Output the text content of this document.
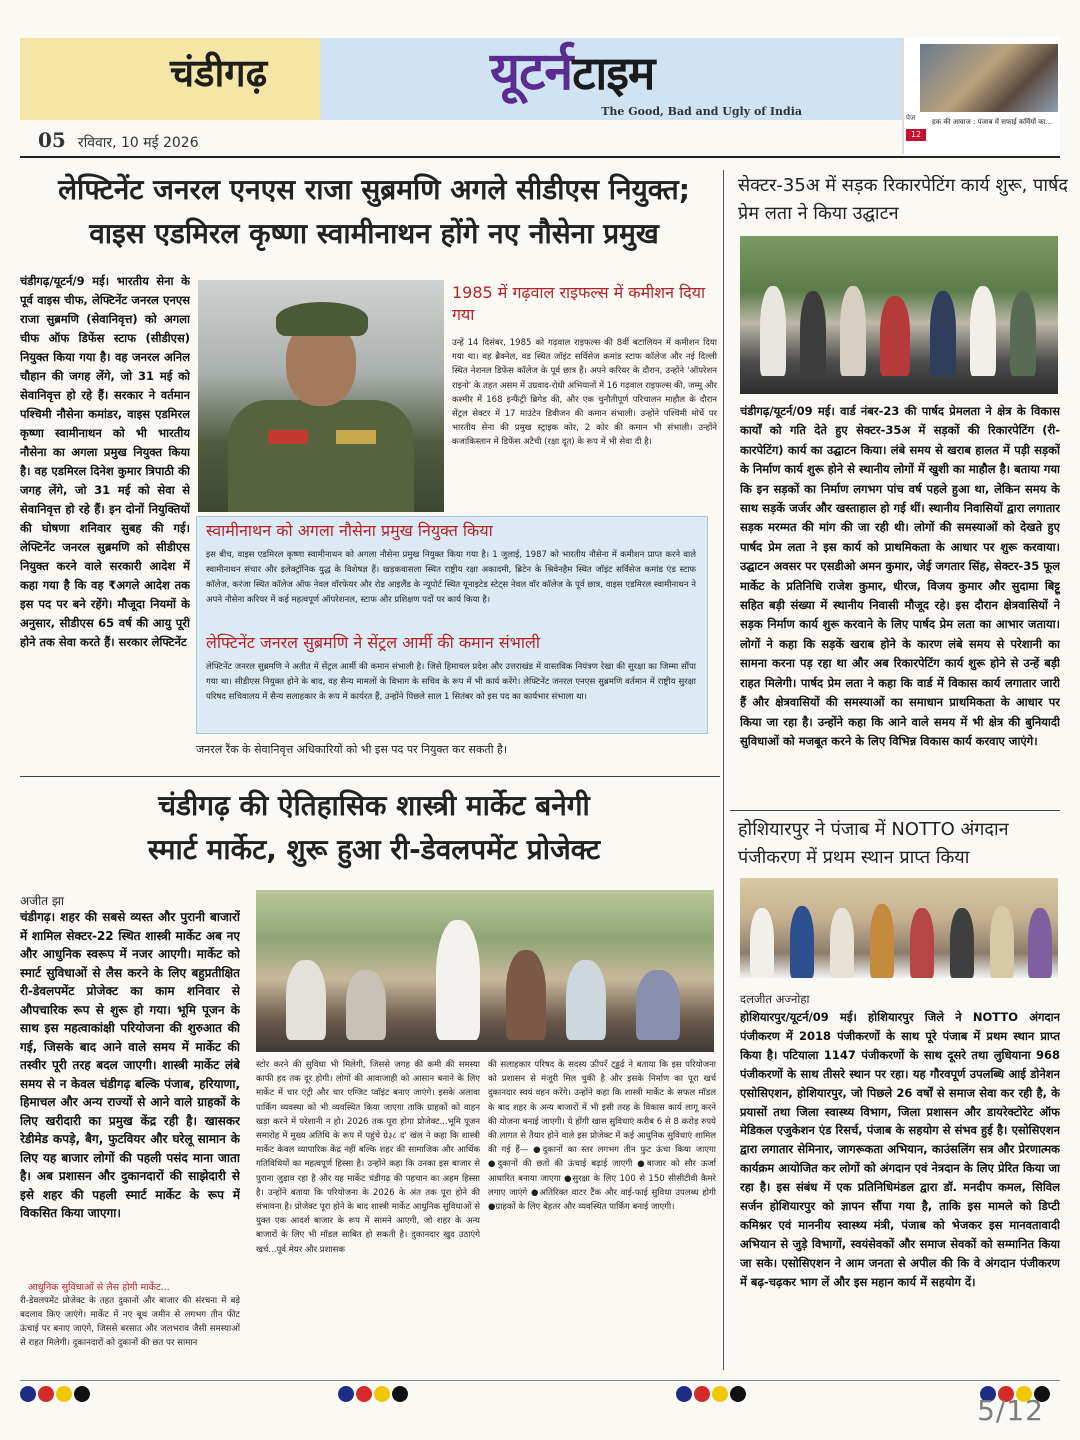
चंडीगढ़	यूटर्नटाइम
The Good, Bad and Ugly of India	पेज
12
हक की आवाज : पंजाब में सफाई कर्मियों का...
05 रविवार, 10 मई 2026
लेफ्टिनेंट जनरल एनएस राजा सुब्रमणि अगले सीडीएस नियुक्त;
वाइस एडमिरल कृष्णा स्वामीनाथन होंगे नए नौसेना प्रमुख
चंडीगढ़/यूटर्न/9 मई। भारतीय सेना के पूर्व वाइस चीफ, लेफ्टिनेंट जनरल एनएस राजा सुब्रमणि (सेवानिवृत्त) को अगला चीफ ऑफ डिफेंस स्टाफ (सीडीएस) नियुक्त किया गया है। वह जनरल अनिल चौहान की जगह लेंगे, जो 31 मई को सेवानिवृत्त हो रहे हैं। सरकार ने वर्तमान पश्चिमी नौसेना कमांडर, वाइस एडमिरल कृष्णा स्वामीनाथन को भी भारतीय नौसेना का अगला प्रमुख नियुक्त किया है। वह एडमिरल दिनेश कुमार त्रिपाठी की जगह लेंगे, जो 31 मई को सेवा से सेवानिवृत्त हो रहे हैं। इन दोनों नियुक्तियों की घोषणा शनिवार सुबह की गई। लेफ्टिनेंट जनरल सुब्रमणि को सीडीएस नियुक्त करने वाले सरकारी आदेश में कहा गया है कि वह ₹अगले आदेश तक इस पद पर बने रहेंगे। मौजूदा नियमों के अनुसार, सीडीएस 65 वर्ष की आयु पूरी होने तक सेवा करते हैं। सरकार लेफ्टिनेंट
1985 में गढ़वाल राइफल्स में कमीशन दिया गया
उन्हें 14 दिसंबर, 1985 को गढ़वाल राइफल्स की 8वीं बटालियन में कमीशन दिया गया था। वह ब्रैक्नेल, वड स्थित जॉइंट सर्विसेज कमांड स्टाफ कॉलेज और नई दिल्ली स्थित नेशनल डिफेंस कॉलेज के पूर्व छात्र हैं। अपने करियर के दौरान, उन्होंने 'ऑपरेशन राइनो' के तहत असम में उग्रवाद-रोधी अभियानों में 16 गढ़वाल राइफल्स की, जम्मू और कश्मीर में 168 इन्फैंट्री ब्रिगेड की, और एक चुनौतीपूर्ण परिचालन माहौल के दौरान सेंट्रल सेक्टर में 17 माउंटेन डिवीजन की कमान संभाली। उन्होंने पश्चिमी मोर्चे पर भारतीय सेना की प्रमुख स्ट्राइक कोर, 2 कोर की कमान भी संभाली। उन्होंने कजाकिस्तान में डिफेंस अटैची (रक्षा दूत) के रूप में भी सेवा दी है।
स्वामीनाथन को अगला नौसेना प्रमुख नियुक्त किया
इस बीच, वाइस एडमिरल कृष्णा स्वामीनाथन को अगला नौसेना प्रमुख नियुक्त किया गया है। 1 जुलाई, 1987 को भारतीय नौसेना में कमीशन प्राप्त करने वाले स्वामीनाथन संचार और इलेक्ट्रॉनिक युद्ध के विशेषज्ञ हैं। खड़कवासला स्थित राष्ट्रीय रक्षा अकादमी, ब्रिटेन के श्रिवेनहैम स्थित जॉइंट सर्विसेज कमांड एंड स्टाफ कॉलेज, करंजा स्थित कॉलेज ऑफ नेवल वॉरफेयर और रोड आइलैंड के न्यूपोर्ट स्थित यूनाइटेड स्टेट्स नेवल वॉर कॉलेज के पूर्व छात्र, वाइस एडमिरल स्वामीनाथन ने अपने नौसेना करियर में कई महत्वपूर्ण ऑपरेशनल, स्टाफ और प्रशिक्षण पदों पर कार्य किया है।
लेफ्टिनेंट जनरल सुब्रमणि ने सेंट्रल आर्मी की कमान संभाली
लेफ्टिनेंट जनरल सुब्रमणि ने अतीत में सेंट्रल आर्मी की कमान संभाली है। जिसे हिमाचल प्रदेश और उत्तराखंड में वास्तविक नियंत्रण रेखा की सुरक्षा का जिम्मा सौंपा गया था। सीडीएस नियुक्त होने के बाद, वह सैन्य मामलों के विभाग के सचिव के रूप में भी कार्य करेंगे। लेफ्टिनेंट जनरल एनएस सुब्रमणि वर्तमान में राष्ट्रीय सुरक्षा परिषद सचिवालय में सैन्य सलाहकार के रूप में कार्यरत हैं, उन्होंने पिछले साल 1 सितंबर को इस पद का कार्यभार संभाला था।
जनरल रैंक के सेवानिवृत्त अधिकारियों को भी इस पद पर नियुक्त कर सकती है।
चंडीगढ़ की ऐतिहासिक शास्त्री मार्केट बनेगी
स्मार्ट मार्केट, शुरू हुआ री-डेवलपमेंट प्रोजेक्ट
अजीत झा
चंडीगढ़। शहर की सबसे व्यस्त और पुरानी बाजारों में शामिल सेक्टर-22 स्थित शास्त्री मार्केट अब नए और आधुनिक स्वरूप में नजर आएगी। मार्केट को स्मार्ट सुविधाओं से लैस करने के लिए बहुप्रतीक्षित री-डेवलपमेंट प्रोजेक्ट का काम शनिवार से औपचारिक रूप से शुरू हो गया। भूमि पूजन के साथ इस महत्वाकांक्षी परियोजना की शुरुआत की गई, जिसके बाद आने वाले समय में मार्केट की तस्वीर पूरी तरह बदल जाएगी। शास्त्री मार्केट लंबे समय से न केवल चंडीगढ़ बल्कि पंजाब, हरियाणा, हिमाचल और अन्य राज्यों से आने वाले ग्राहकों के लिए खरीदारी का प्रमुख केंद्र रही है। खासकर रेडीमेड कपड़े, बैग, फुटवियर और घरेलू सामान के लिए यह बाजार लोगों की पहली पसंद माना जाता है। अब प्रशासन और दुकानदारों की साझेदारी से इसे शहर की पहली स्मार्ट मार्केट के रूप में विकसित किया जाएगा।
आधुनिक सुविधाओं से लैस होगी मार्केट...
री-डेवलपमेंट प्रोजेक्ट के तहत दुकानों और बाजार की संरचना में बड़े बदलाव किए जाएंगे। मार्केट में नए बूथ जमीन से लगभग तीन फीट ऊंचाई पर बनाए जाएंगे, जिससे बरसात और जलभराव जैसी समस्याओं से राहत मिलेगी। दुकानदारों को दुकानों की छत पर सामान
स्टोर करने की सुविधा भी मिलेगी, जिससे जगह की कमी की समस्या काफी हद तक दूर होगी। लोगों की आवाजाही को आसान बनाने के लिए मार्केट में चार एंट्री और चार एग्जिट प्वॉइंट बनाए जाएंगे। इसके अलावा पार्किंग व्यवस्था को भी व्यवस्थित किया जाएगा ताकि ग्राहकों को वाहन खड़ा करने में परेशानी न हो। 2026 तक पूरा होगा प्रोजेक्ट...भूमि पूजन समारोह में मुख्य अतिथि के रूप में पहुंचे ग्रे३८ द' खंल ने कहा कि शास्त्री मार्केट केवल व्यापारिक केंद्र नहीं बल्कि शहर की सामाजिक और आर्थिक गतिविधियों का महत्वपूर्ण हिस्सा है। उन्होंने कहा कि उनका इस बाजार से पुराना जुड़ाव रहा है और यह मार्केट चंडीगढ़ की पहचान का अहम हिस्सा है। उन्होंने बताया कि परियोजना के 2026 के अंत तक पूरा होने की संभावना है। प्रोजेक्ट पूरा होने के बाद शास्त्री मार्केट आधुनिक सुविधाओं से युक्त एक आदर्श बाजार के रूप में सामने आएगी, जो शहर के अन्य बाजारों के लिए भी मॉडल साबित हो सकती है। दुकानदार खुद उठाएंगे खर्च...पूर्व मेयर और प्रशासक
की सलाहकार परिषद के सदस्य ऊीपरँ ट्ड्ढर्ढ ने बताया कि इस परियोजना को प्रशासन से मंजूरी मिल चुकी है और इसके निर्माण का पूरा खर्च दुकानदार स्वयं वहन करेंगे। उन्होंने कहा कि शास्त्री मार्केट के सफल मॉडल के बाद शहर के अन्य बाजारों में भी इसी तरह के विकास कार्य लागू करने की योजना बनाई जाएगी। ये होंगी खास सुविधाएं करीब 6 से 8 करोड़ रुपये की लागत से तैयार होने वाले इस प्रोजेक्ट में कई आधुनिक सुविधाएं शामिल की गई हैं— ●दुकानों का स्तर लगभग तीन फुट ऊंचा किया जाएगा ●दुकानों की छतों की ऊंचाई बढ़ाई जाएगी ●बाजार को सौर ऊर्जा आधारित बनाया जाएगा ●सुरक्षा के लिए 100 से 150 सीसीटीवी कैमरे लगाए जाएंगे ●अतिरिक्त वाटर टैंक और वाई-फाई सुविधा उपलब्ध होगी ●ग्राहकों के लिए बेहतर और व्यवस्थित पार्किंग बनाई जाएगी।
सेक्टर-35अ में सड़क रिकारपेटिंग कार्य शुरू, पार्षद प्रेम लता ने किया उद्घाटन
चंडीगढ़/यूटर्न/09 मई। वार्ड नंबर-23 की पार्षद प्रेमलता ने क्षेत्र के विकास कार्यों को गति देते हुए सेक्टर-35अ में सड़कों की रिकारपेटिंग (री-कारपेटिंग) कार्य का उद्घाटन किया। लंबे समय से खराब हालत में पड़ी सड़कों के निर्माण कार्य शुरू होने से स्थानीय लोगों में खुशी का माहौल है। बताया गया कि इन सड़कों का निर्माण लगभग पांच वर्ष पहले हुआ था, लेकिन समय के साथ सड़कें जर्जर और खस्ताहाल हो गई थीं। स्थानीय निवासियों द्वारा लगातार सड़क मरम्मत की मांग की जा रही थी। लोगों की समस्याओं को देखते हुए पार्षद प्रेम लता ने इस कार्य को प्राथमिकता के आधार पर शुरू करवाया। उद्घाटन अवसर पर एसडीओ अमन कुमार, जेई जगतार सिंह, सेक्टर-35 फूल मार्केट के प्रतिनिधि राजेश कुमार, धीरज, विजय कुमार और सुदामा बिट्टू सहित बड़ी संख्या में स्थानीय निवासी मौजूद रहे। इस दौरान क्षेत्रवासियों ने सड़क निर्माण कार्य शुरू करवाने के लिए पार्षद प्रेम लता का आभार जताया। लोगों ने कहा कि सड़कें खराब होने के कारण लंबे समय से परेशानी का सामना करना पड़ रहा था और अब रिकारपेटिंग कार्य शुरू होने से उन्हें बड़ी राहत मिलेगी। पार्षद प्रेम लता ने कहा कि वार्ड में विकास कार्य लगातार जारी हैं और क्षेत्रवासियों की समस्याओं का समाधान प्राथमिकता के आधार पर किया जा रहा है। उन्होंने कहा कि आने वाले समय में भी क्षेत्र की बुनियादी सुविधाओं को मजबूत करने के लिए विभिन्न विकास कार्य करवाए जाएंगे।
होशियारपुर ने पंजाब में NOTTO अंगदान पंजीकरण में प्रथम स्थान प्राप्त किया
दलजीत अज्नोहा
होशियारपुर/यूटर्न/09 मई। होशियारपुर जिले ने NOTTO अंगदान पंजीकरण में 2018 पंजीकरणों के साथ पूरे पंजाब में प्रथम स्थान प्राप्त किया है। पटियाला 1147 पंजीकरणों के साथ दूसरे तथा लुधियाना 968 पंजीकरणों के साथ तीसरे स्थान पर रहा। यह गौरवपूर्ण उपलब्धि आई डोनेशन एसोसिएशन, होशियारपुर, जो पिछले 26 वर्षों से समाज सेवा कर रही है, के प्रयासों तथा जिला स्वास्थ्य विभाग, जिला प्रशासन और डायरेक्टोरेट ऑफ मेडिकल एजुकेशन एंड रिसर्च, पंजाब के सहयोग से संभव हुई है। एसोसिएशन द्वारा लगातार सेमिनार, जागरूकता अभियान, काउंसलिंग सत्र और प्रेरणात्मक कार्यक्रम आयोजित कर लोगों को अंगदान एवं नेत्रदान के लिए प्रेरित किया जा रहा है। इस संबंध में एक प्रतिनिधिमंडल द्वारा डॉ. मनदीप कमल, सिविल सर्जन होशियारपुर को ज्ञापन सौंपा गया है, ताकि इस मामले को डिप्टी कमिश्नर एवं माननीय स्वास्थ्य मंत्री, पंजाब को भेजकर इस मानवतावादी अभियान से जुड़े विभागों, स्वयंसेवकों और समाज सेवकों को सम्मानित किया जा सके। एसोसिएशन ने आम जनता से अपील की कि वे अंगदान पंजीकरण में बढ़-चढ़कर भाग लें और इस महान कार्य में सहयोग दें।
5/12
